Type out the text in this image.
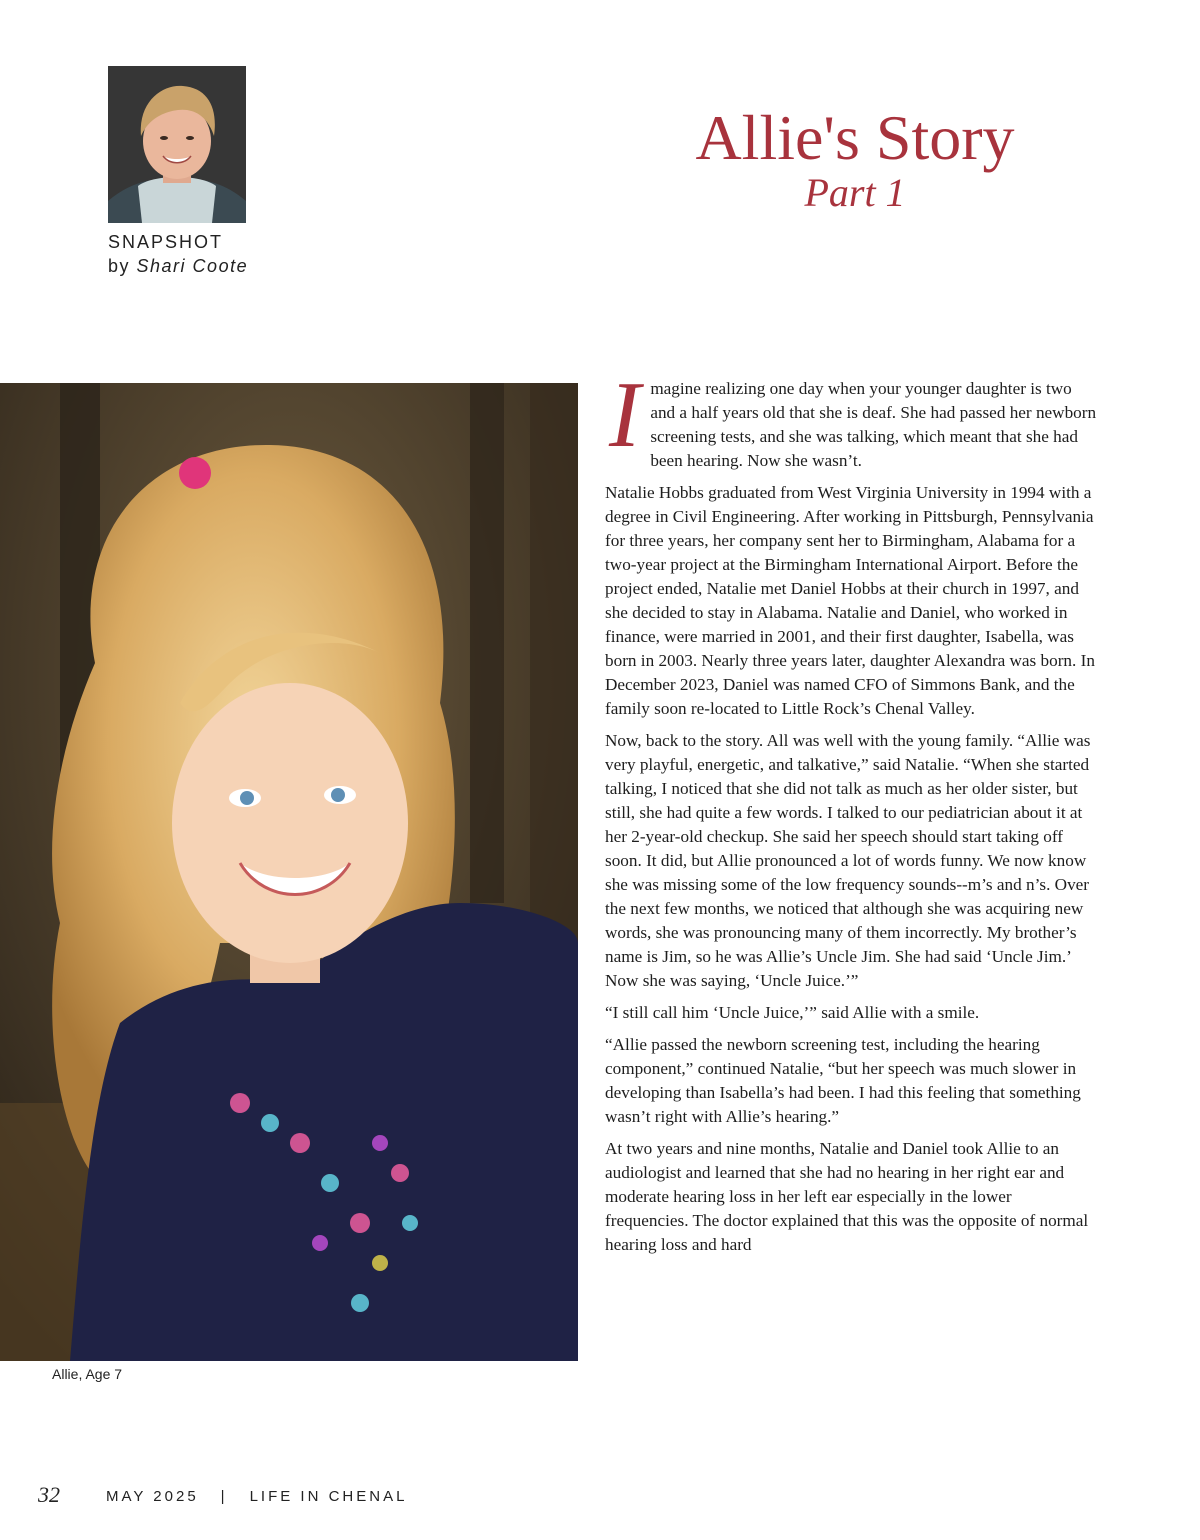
SNAPSHOT
by Shari Coote
Allie's Story
Part 1
Allie, Age 7

Imagine realizing one day when your younger daughter is two and a half years old that she is deaf. She had passed her newborn screening tests, and she was talking, which meant that she had been hearing. Now she wasn’t.

Natalie Hobbs graduated from West Virginia University in 1994 with a degree in Civil Engineering. After working in Pittsburgh, Pennsylvania for three years, her company sent her to Birmingham, Alabama for a two-year project at the Birmingham International Airport. Before the project ended, Natalie met Daniel Hobbs at their church in 1997, and she decided to stay in Alabama. Natalie and Daniel, who worked in finance, were married in 2001, and their first daughter, Isabella, was born in 2003. Nearly three years later, daughter Alexandra was born. In December 2023, Daniel was named CFO of Simmons Bank, and the family soon re-located to Little Rock’s Chenal Valley.

Now, back to the story. All was well with the young family. “Allie was very playful, energetic, and talkative,” said Natalie. “When she started talking, I noticed that she did not talk as much as her older sister, but still, she had quite a few words. I talked to our pediatrician about it at her 2-year-old checkup. She said her speech should start taking off soon. It did, but Allie pronounced a lot of words funny. We now know she was missing some of the low frequency sounds--m’s and n’s. Over the next few months, we noticed that although she was acquiring new words, she was pronouncing many of them incorrectly. My brother’s name is Jim, so he was Allie’s Uncle Jim. She had said ‘Uncle Jim.’ Now she was saying, ‘Uncle Juice.’”

“I still call him ‘Uncle Juice,’” said Allie with a smile.

“Allie passed the newborn screening test, including the hearing component,” continued Natalie, “but her speech was much slower in developing than Isabella’s had been. I had this feeling that something wasn’t right with Allie’s hearing.”

At two years and nine months, Natalie and Daniel took Allie to an audiologist and learned that she had no hearing in her right ear and moderate hearing loss in her left ear especially in the lower frequencies. The doctor explained that this was the opposite of normal hearing loss and hard

32	MAY 2025 | LIFE IN CHENAL
